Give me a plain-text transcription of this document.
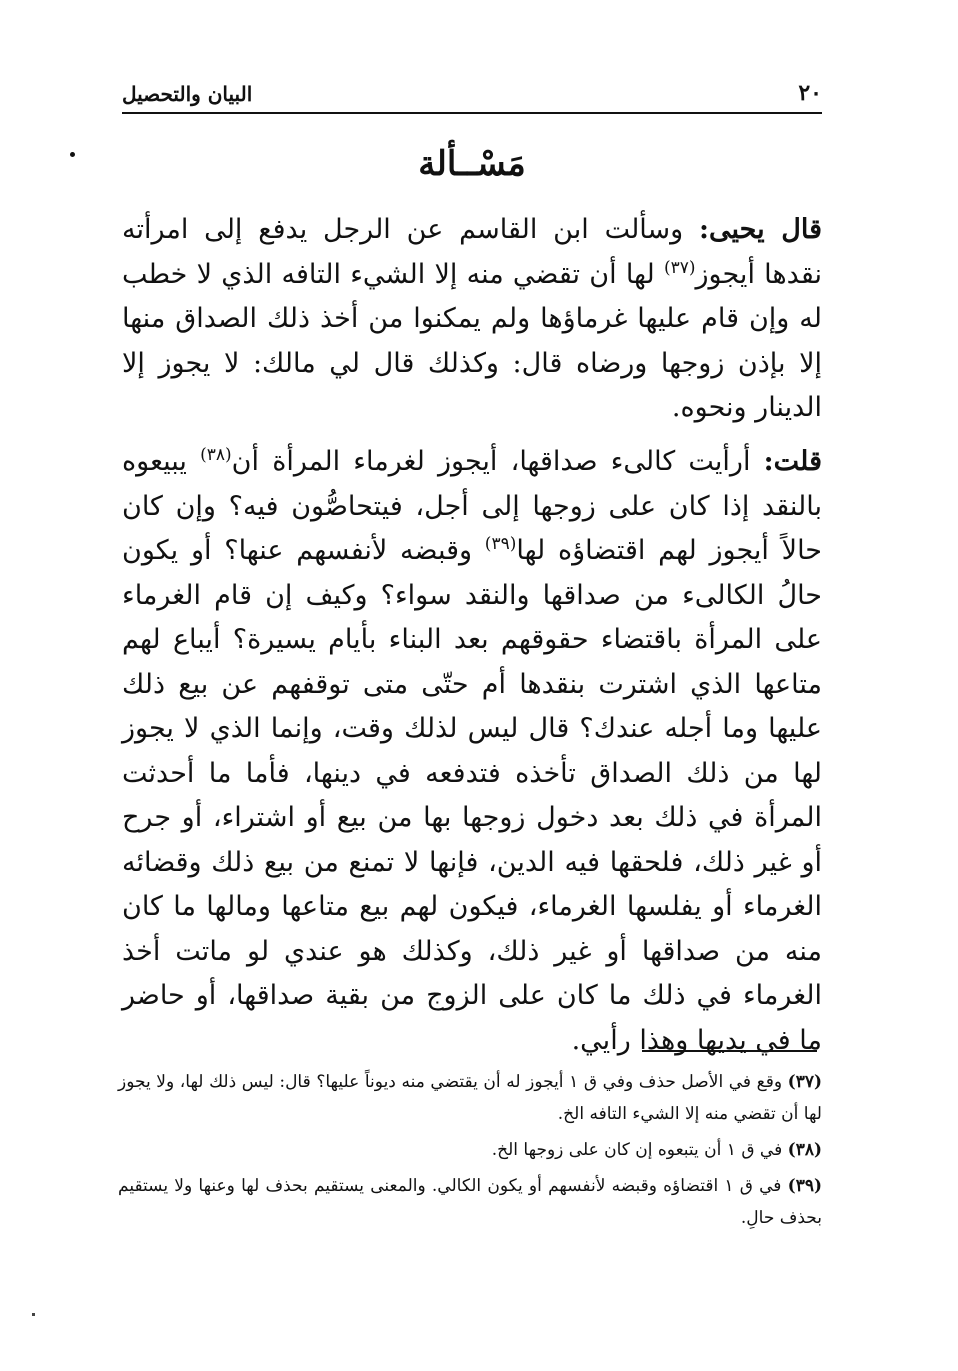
٢٠
البيان والتحصيل
مَسْــألة

قال يحيى: وسألت ابن القاسم عن الرجل يدفع إلى امرأته نقدها أيجوز$^{(٣٧)}$ لها أن تقضي منه إلا الشيء التافه الذي لا خطب له وإن قام عليها غرماؤها ولم يمكنوا من أخذ ذلك الصداق منها إلا بإذن زوجها ورضاه قال: وكذلك قال لي مالك: لا يجوز إلا الدينار ونحوه.

قلت: أرأيت كالىء صداقها، أيجوز لغرماء المرأة أن$^{(٣٨)}$ يبيعوه بالنقد إذا كان على زوجها إلى أجل، فيتحاصُّون فيه؟ وإن كان حالاً أيجوز لهم اقتضاؤه لها$^{(٣٩)}$ وقبضه لأنفسهم عنها؟ أو يكون حالُ الكالىء من صداقها والنقد سواء؟ وكيف إن قام الغرماء على المرأة باقتضاء حقوقهم بعد البناء بأيام يسيرة؟ أيباع لهم متاعها الذي اشترت بنقدها أم حتّى متى توقفهم عن بيع ذلك عليها وما أجله عندك؟ قال ليس لذلك وقت، وإنما الذي لا يجوز لها من ذلك الصداق تأخذه فتدفعه في دينها، فأما ما أحدثت المرأة في ذلك بعد دخول زوجها بها من بيع أو اشتراء، أو جرح أو غير ذلك، فلحقها فيه الدين، فإنها لا تمنع من بيع ذلك وقضائه الغرماء أو يفلسها الغرماء، فيكون لهم بيع متاعها ومالها ما كان منه من صداقها أو غير ذلك، وكذلك هو عندي لو ماتت أخذ الغرماء في ذلك ما كان على الزوج من بقية صداقها، أو حاضر ما في يديها وهذا رأيي.

(٣٧) وقع في الأصل حذف وفي ق ١ أيجوز له أن يقتضي منه ديوناً عليها؟ قال: ليس ذلك لها، ولا يجوز لها أن تقضي منه إلا الشيء التافه الخ.

(٣٨) في ق ١ أن يتبعوه إن كان على زوجها الخ.

(٣٩) في ق ١ اقتضاؤه وقبضه لأنفسهم أو يكون الكالي. والمعنى يستقيم بحذف لها وعنها ولا يستقيم بحذف حالِ.
